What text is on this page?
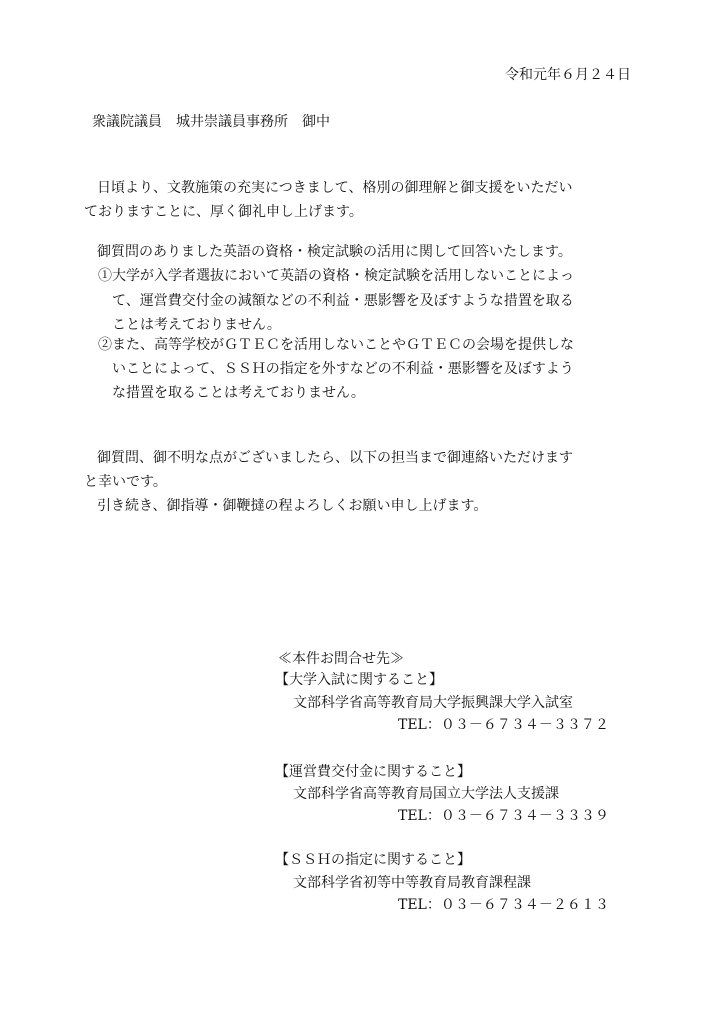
令和元年６月２４日
衆議院議員　城井崇議員事務所　御中
日頃より、文教施策の充実につきまして、格別の御理解と御支援をいただい
ておりますことに、厚く御礼申し上げます。
御質問のありました英語の資格・検定試験の活用に関して回答いたします。
①大学が入学者選抜において英語の資格・検定試験を活用しないことによっ
て、運営費交付金の減額などの不利益・悪影響を及ぼすような措置を取る
ことは考えておりません。
②また、高等学校がＧＴＥＣを活用しないことやＧＴＥＣの会場を提供しな
いことによって、ＳＳＨの指定を外すなどの不利益・悪影響を及ぼすよう
な措置を取ることは考えておりません。
御質問、御不明な点がございましたら、以下の担当まで御連絡いただけます
と幸いです。
引き続き、御指導・御鞭撻の程よろしくお願い申し上げます。
≪本件お問合せ先≫
【大学入試に関すること】
文部科学省高等教育局大学振興課大学入試室
TEL：０３－６７３４－３３７２
【運営費交付金に関すること】
文部科学省高等教育局国立大学法人支援課
TEL：０３－６７３４－３３３９
【ＳＳＨの指定に関すること】
文部科学省初等中等教育局教育課程課
TEL：０３－６７３４－２６１３
